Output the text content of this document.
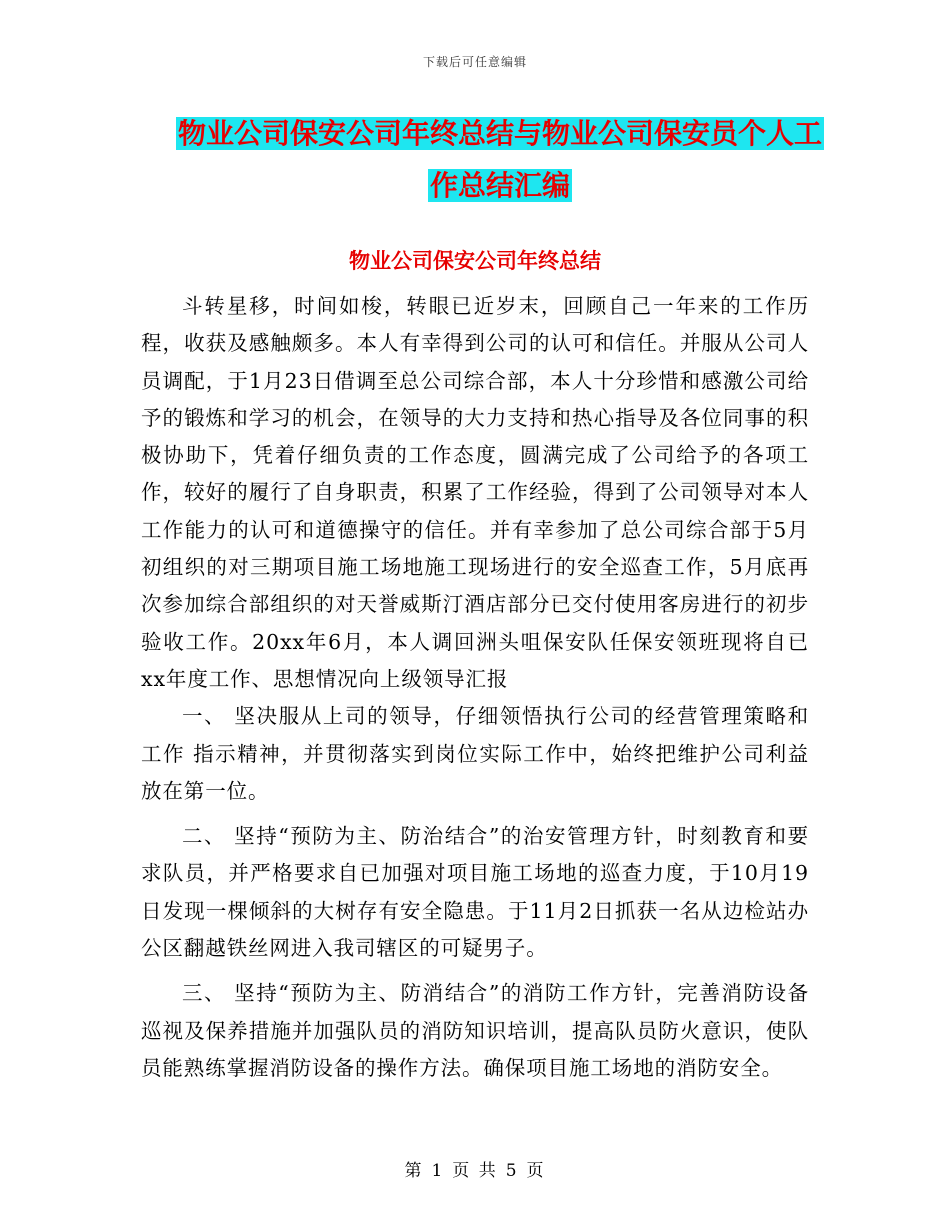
下载后可任意编辑
物业公司保安公司年终总结与物业公司保安员个人工
作总结汇编
物业公司保安公司年终总结

斗转星移，时间如梭，转眼已近岁末，回顾自己一年来的工作历程，收获及感触颇多。本人有幸得到公司的认可和信任。并服从公司人员调配，于1月23日借调至总公司综合部，本人十分珍惜和感激公司给予的锻炼和学习的机会，在领导的大力支持和热心指导及各位同事的积极协助下，凭着仔细负责的工作态度，圆满完成了公司给予的各项工作，较好的履行了自身职责，积累了工作经验，得到了公司领导对本人工作能力的认可和道德操守的信任。并有幸参加了总公司综合部于5月初组织的对三期项目施工场地施工现场进行的安全巡查工作，5月底再次参加综合部组织的对天誉威斯汀酒店部分已交付使用客房进行的初步验收工作。20xx年6月，本人调回洲头咀保安队任保安领班现将自已xx年度工作、思想情况向上级领导汇报

一、 坚决服从上司的领导，仔细领悟执行公司的经营管理策略和工作 指示精神，并贯彻落实到岗位实际工作中，始终把维护公司利益放在第一位。

二、 坚持“预防为主、防治结合”的治安管理方针，时刻教育和要求队员，并严格要求自已加强对项目施工场地的巡查力度，于10月19日发现一棵倾斜的大树存有安全隐患。于11月2日抓获一名从边检站办公区翻越铁丝网进入我司辖区的可疑男子。

三、 坚持“预防为主、防消结合”的消防工作方针，完善消防设备巡视及保养措施并加强队员的消防知识培训，提高队员防火意识，使队员能熟练掌握消防设备的操作方法。确保项目施工场地的消防安全。

第 1 页 共 5 页
